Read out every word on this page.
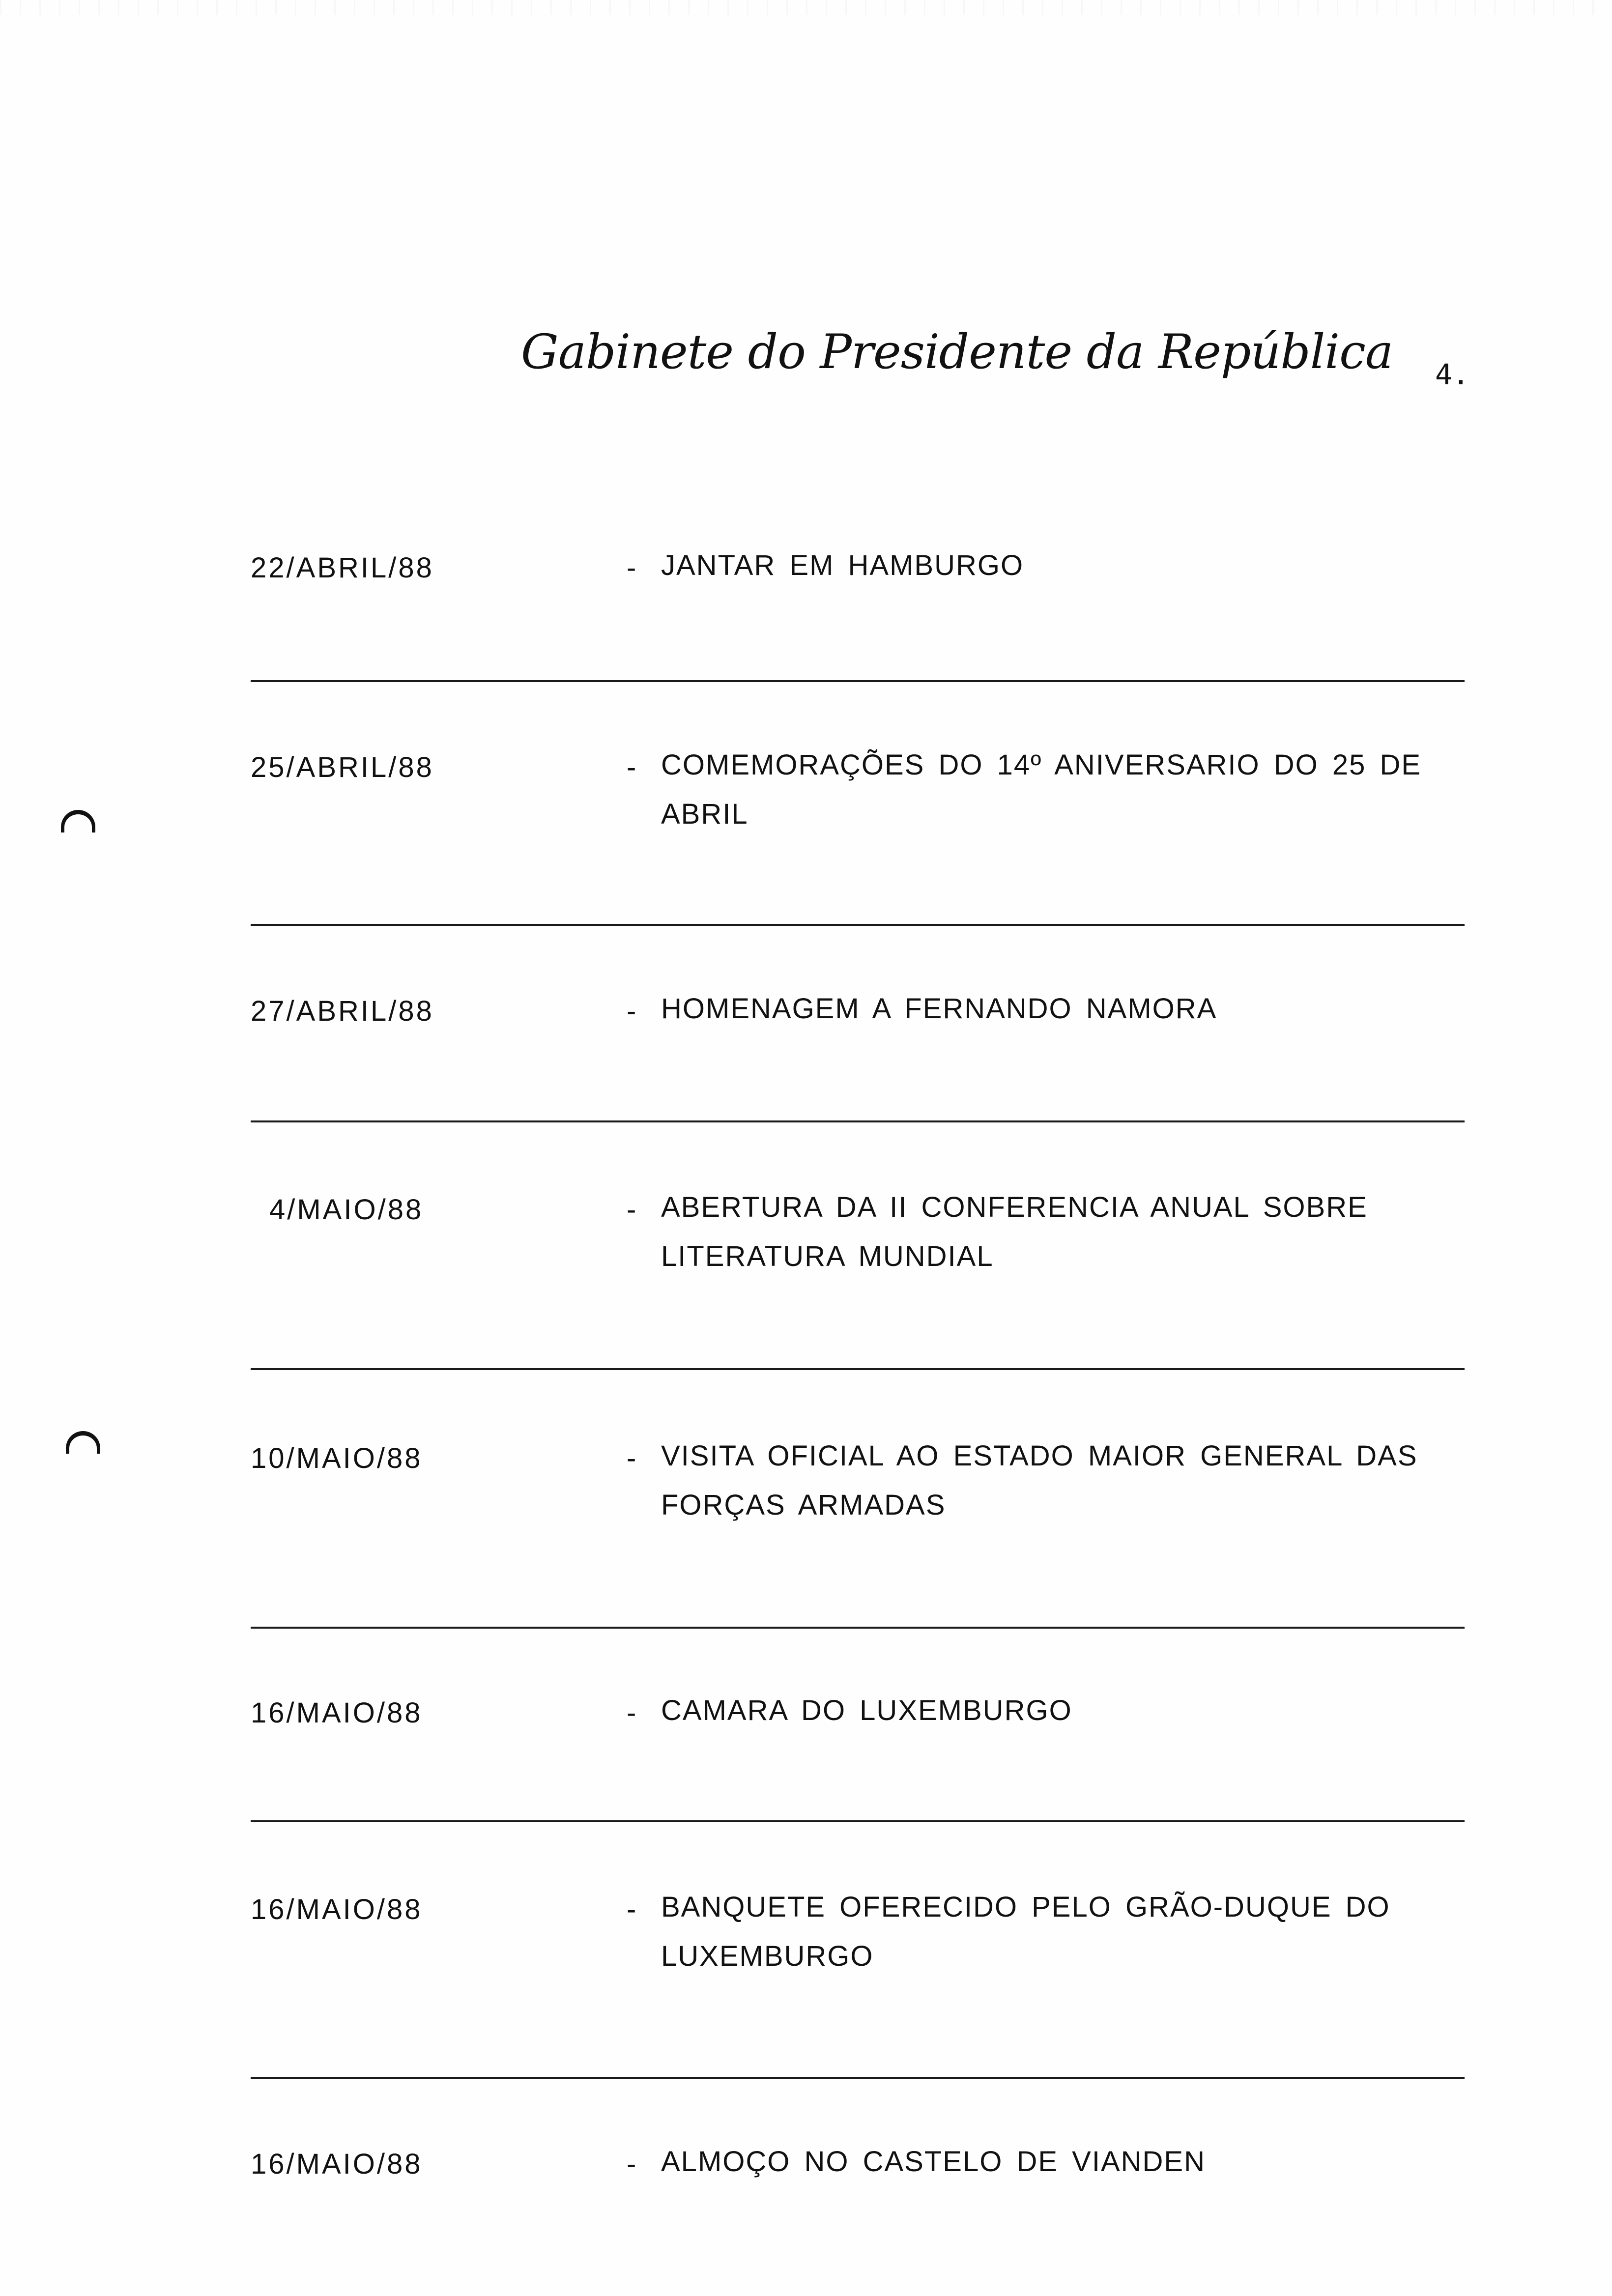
Gabinete do Presidente da República 4.
22/ABRIL/88	- JANTAR EM HAMBURGO
25/ABRIL/88	- COMEMORAÇÕES DO 14º ANIVERSARIO DO 25 DE ABRIL
27/ABRIL/88	- HOMENAGEM A FERNANDO NAMORA
4/MAIO/88	- ABERTURA DA II CONFERENCIA ANUAL SOBRE LITERATURA MUNDIAL
10/MAIO/88	- VISITA OFICIAL AO ESTADO MAIOR GENERAL DAS FORÇAS ARMADAS
16/MAIO/88	- CAMARA DO LUXEMBURGO
16/MAIO/88	- BANQUETE OFERECIDO PELO GRÃO-DUQUE DO LUXEMBURGO
16/MAIO/88	- ALMOÇO NO CASTELO DE VIANDEN
